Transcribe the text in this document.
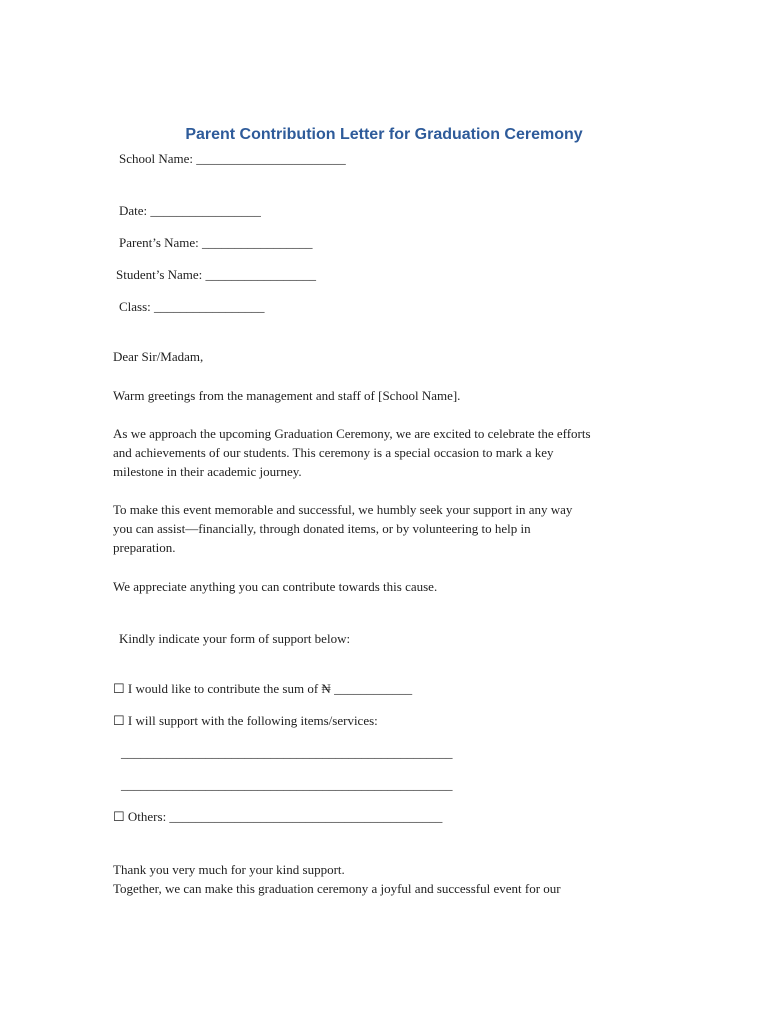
Parent Contribution Letter for Graduation Ceremony
School Name: _______________________
Date: _________________
Parent’s Name: _________________
Student’s Name: _________________
Class: _________________
Dear Sir/Madam,
Warm greetings from the management and staff of [School Name].
As we approach the upcoming Graduation Ceremony, we are excited to celebrate the efforts
and achievements of our students. This ceremony is a special occasion to mark a key
milestone in their academic journey.
To make this event memorable and successful, we humbly seek your support in any way
you can assist—financially, through donated items, or by volunteering to help in
preparation.
We appreciate anything you can contribute towards this cause.
Kindly indicate your form of support below:
☐ I would like to contribute the sum of ₦ ____________
☐ I will support with the following items/services:
___________________________________________________
___________________________________________________
☐ Others: __________________________________________
Thank you very much for your kind support.
Together, we can make this graduation ceremony a joyful and successful event for our
